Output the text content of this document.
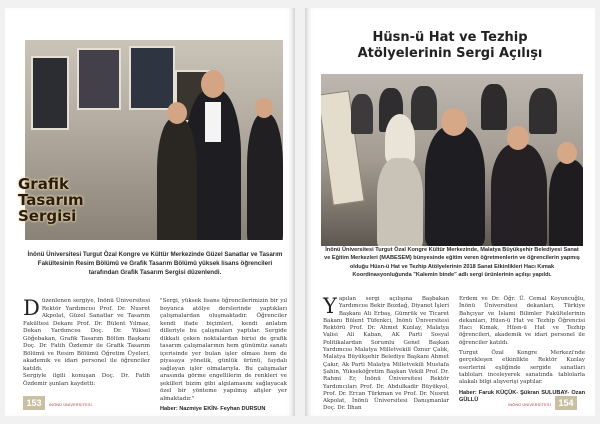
Grafik
Tasarım
Sergisi
İnönü Üniversitesi Turgut Özal Kongre ve Kültür Merkezinde Güzel Sanatlar ve Tasarım Fakültesinin Resim Bölümü ve Grafik Tasarım Bölümü yüksek lisans öğrencileri tarafından Grafik Tasarım Sergisi düzenlendi.
D üzenlenen sergiye, İnönü Üniversitesi Rektör Yardımcısı Prof. Dr. Nusret Akpolat, Güzel Sanatlar ve Tasarım Fakültesi Dekanı Prof. Dr. Bülent Yılmaz, Dekan Yardımcısı Doç. Dr. Yüksel Göğebakan, Grafik Tasarım Bölüm Başkanı Doç. Dr. Fatih Özdemir ile Grafik Tasarım Bölümü ve Resim Bölümü Öğretim Üyeleri, akademik ve idari personel ile öğrenciler katıldı.
Sergiyle ilgili konuşan Doç. Dr. Fatih Özdemir şunları kaydetti:
"Sergi, yüksek lisans öğrencilerimizin bir yıl boyunca atölye derslerinde yaptıkları çalışmalardan oluşmaktadır. Öğrenciler kendi ifade biçimleri, kendi anlatım dilleriyle bu çalışmaları yaptılar. Sergide dikkati çeken noktalardan birisi de grafik tasarım çalışmalarının hem günümüz sanatı içerisinde yer bulan işler olması hem de piyasaya yönelik, günlük ürünü, faydalı sağlayan işler olmalarıyla. Bu çalışmalar arasında görme engellilerin de renkleri ve şekilleri bizim gibi algılamasını sağlayacak özel bir yönteme yapılmış afişler yer almaktadır."
Haber: Nazmiye EKİN- Feyhan DURSUN
153	İNÖNÜ ÜNİVERSİTESİ
Hüsn-ü Hat ve Tezhip
Atölyelerinin Sergi Açılışı
İnönü Üniversitesi Turgut Özal Kongre Kültür Merkezinde, Malatya Büyükşehir Belediyesi Sanat ve Eğitim Merkezleri (MABESEM) bünyesinde eğitim veren öğretmenlerin ve öğrencilerin yapmış olduğu Hüsn-ü Hat ve Tezhip Atölyelerinin 2018 Sanat Etkinlikleri Hacı Kımak Koordinasyonluğunda "Kalemin binde" adlı sergi ürünlerinin açılışı yapıldı.
Y apılan sergi açılışına Başbakan Yardımcısı Bekir Bozdağ, Diyanet İşleri Başkanı Ali Erbaş, Gümrük ve Ticaret Bakanı Bülent Tüfenkci, İnönü Üniversitesi Rektörü Prof. Dr. Ahmet Kızılay, Malatya Valisi Ali Kaban, AK Parti Sosyal Politikalardan Sorumlu Genel Başkan Yardımcısı Malatya Milletvekili Öznur Çalık, Malatya Büyükşehir Belediye Başkanı Ahmet Çakır, Ak Parti Malatya Milletvekili Mustafa Şahin, Yükseköğretim Başkan Vekili Prof. Dr. Rahmi Er, İnönü Üniversitesi Rektör Yardımcıları Prof. Dr. Abdulkadir Büyükyol, Prof. Dr. Ercan Türkman ve Prof. Dr. Nusret Akpolat, İnönü Üniversitesi Danışmanlar Doç. Dr. İlhan
Erdem ve Dr. Öğr. Ü. Cemal Koyuncuğlu, İnönü Üniversitesi dekanları, Türkiye Bahçıyar ve İslami Bilimler Fakültelerinin dekanları, Hüsn-ü Hat ve Tezhip Öğrencisi Hacı Kımak, Hüsn-ü Hat ve Tezhip öğrencileri, akademik ve idari personel ile öğrenciler katıldı.
Turgut Özal Kongre Merkezi'nde gerçekleşen etkinlikte Rektör Kızılay eserlerini eşliğinde sergide sanatları tabloları inceleyerek sanatında tablolarla alakalı bilgi alışverişi yaptılar.
Haber: Faruk KÜÇÜK- Şükran SULUBAY- Ozan GÜLLÜ	154
İNÖNÜ ÜNİVERSİTESİ
